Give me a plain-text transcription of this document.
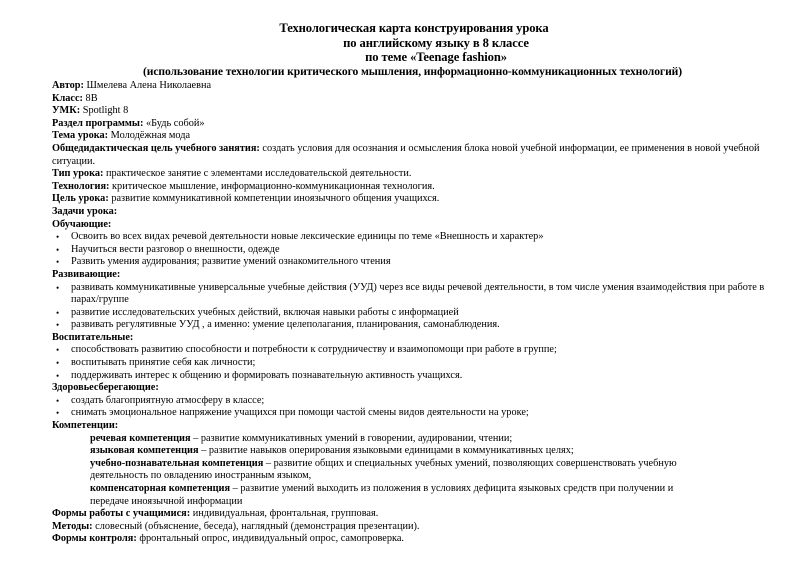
Технологическая карта конструирования урока
по английскому языку в 8 классе
по теме «Teenage fashion»
(использование технологии критического мышления, информационно-коммуникационных технологий)
Автор: Шмелева Алена Николаевна
Класс: 8B
УМК: Spotlight 8
Раздел программы: «Будь собой»
Тема урока: Молодёжная мода
Общедидактическая цель учебного занятия: создать условия для осознания и осмысления блока новой учебной информации, ее применения в новой учебной ситуации.
Тип урока: практическое занятие с элементами исследовательской деятельности.
Технология: критическое мышление, информационно-коммуникационная технология.
Цель урока: развитие коммуникативной компетенции иноязычного общения учащихся.
Задачи урока:
Обучающие:
• Освоить во всех видах речевой деятельности новые лексические единицы по теме «Внешность и характер»
• Научиться вести разговор о внешности, одежде
• Развить умения аудирования; развитие умений ознакомительного чтения
Развивающие:
• развивать коммуникативные универсальные учебные действия (УУД) через все виды речевой деятельности, в том числе умения взаимодействия при работе в парах/группе
• развитие исследовательских учебных действий, включая навыки работы с информацией
• развивать регулятивные УУД , а именно: умение целеполагания, планирования, самонаблюдения.
Воспитательные:
• способствовать развитию способности и потребности к сотрудничеству и взаимопомощи при работе в группе;
• воспитывать принятие себя как личности;
• поддерживать интерес к общению и формировать познавательную активность учащихся.
Здоровьесберегающие:
• создать благоприятную атмосферу в классе;
• снимать эмоциональное напряжение учащихся при помощи частой смены видов деятельности на уроке;
Компетенции:
речевая компетенция – развитие коммуникативных умений в говорении, аудировании, чтении;
языковая компетенция – развитие навыков оперирования языковыми единицами в коммуникативных целях;
учебно-познавательная компетенция – развитие общих и специальных учебных умений, позволяющих совершенствовать учебную
деятельность по овладению иностранным языком,
компенсаторная компетенция – развитие умений выходить из положения в условиях дефицита языковых средств при получении и
передаче иноязычной информации
Формы работы с учащимися: индивидуальная, фронтальная, групповая.
Методы: словесный (объяснение, беседа), наглядный (демонстрация презентации).
Формы контроля: фронтальный опрос, индивидуальный опрос, самопроверка.
